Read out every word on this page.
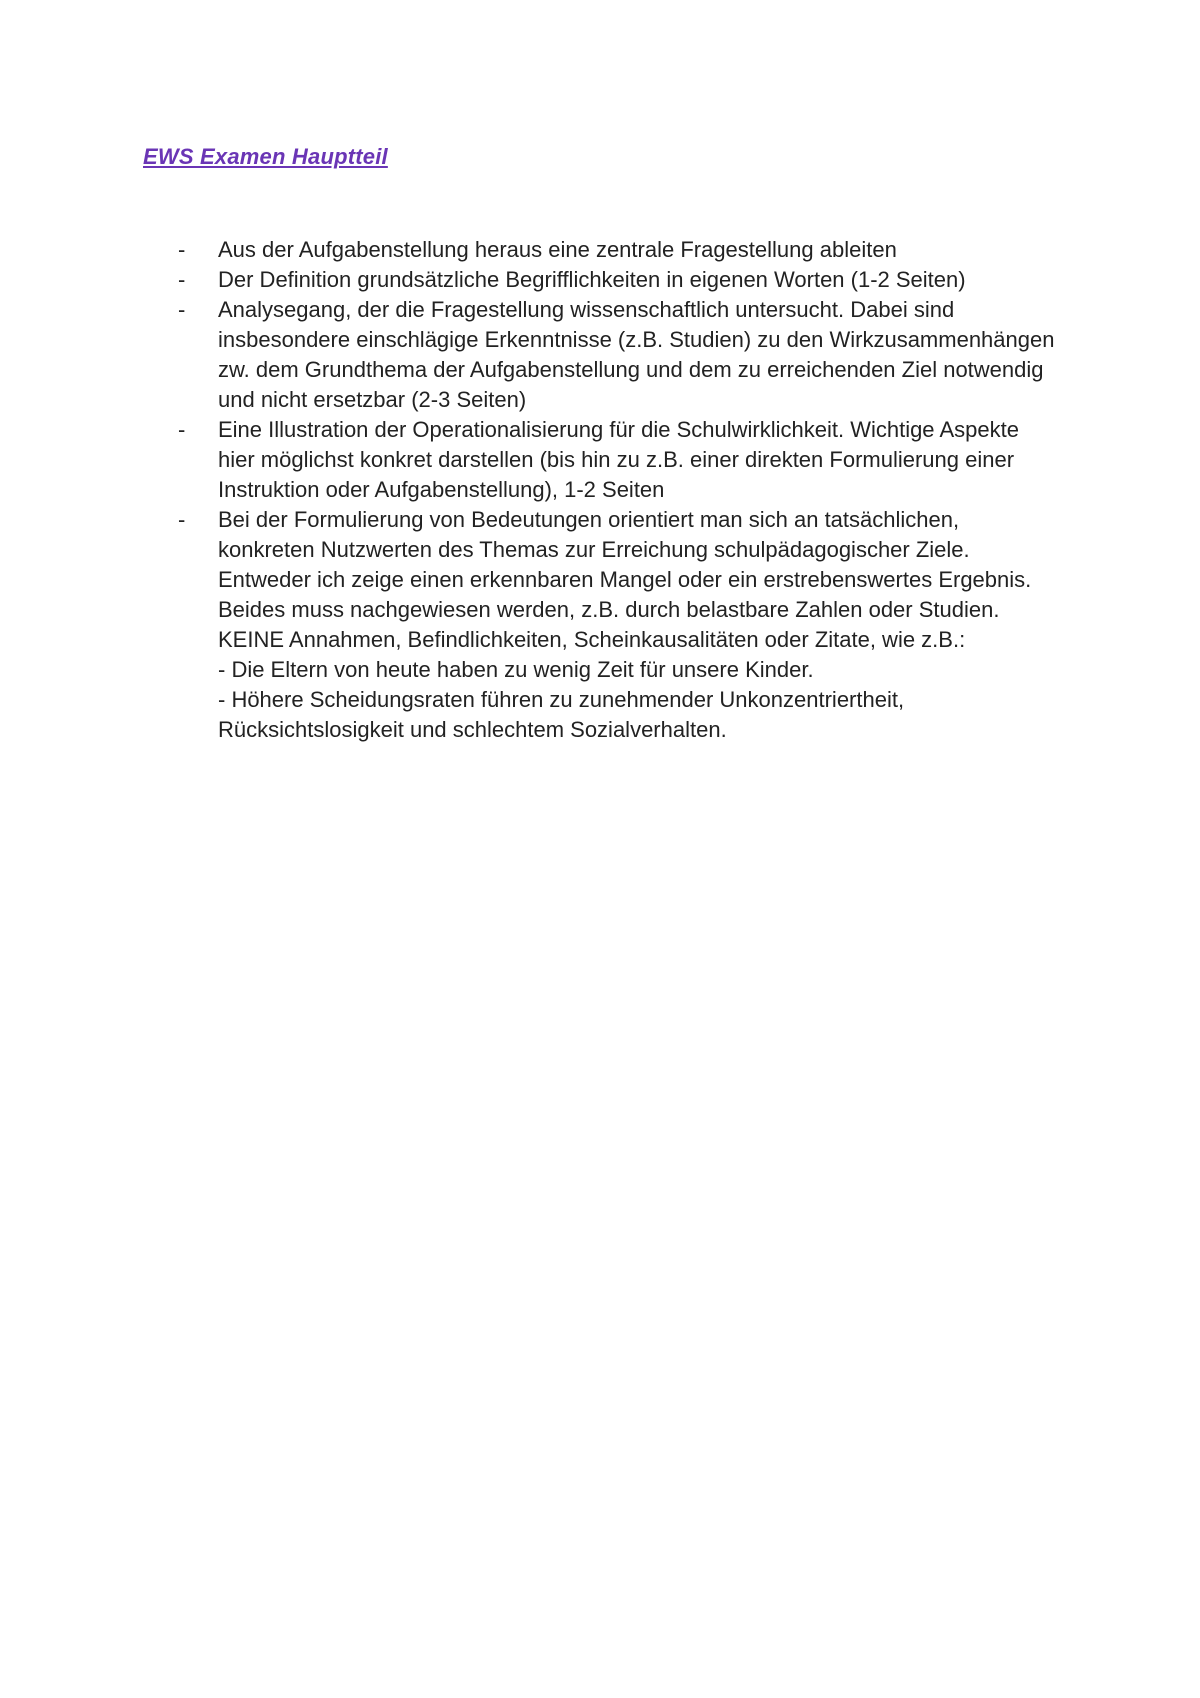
EWS Examen Hauptteil
-	Aus der Aufgabenstellung heraus eine zentrale Fragestellung ableiten
-	Der Definition grundsätzliche Begrifflichkeiten in eigenen Worten (1-2 Seiten)
-	Analysegang, der die Fragestellung wissenschaftlich untersucht. Dabei sind insbesondere einschlägige Erkenntnisse (z.B. Studien) zu den Wirkzusammenhängen zw. dem Grundthema der Aufgabenstellung und dem zu erreichenden Ziel notwendig und nicht ersetzbar (2-3 Seiten)
-	Eine Illustration der Operationalisierung für die Schulwirklichkeit. Wichtige Aspekte hier möglichst konkret darstellen (bis hin zu z.B. einer direkten Formulierung einer Instruktion oder Aufgabenstellung), 1-2 Seiten
-	Bei der Formulierung von Bedeutungen orientiert man sich an tatsächlichen, konkreten Nutzwerten des Themas zur Erreichung schulpädagogischer Ziele. Entweder ich zeige einen erkennbaren Mangel oder ein erstrebenswertes Ergebnis. Beides muss nachgewiesen werden, z.B. durch belastbare Zahlen oder Studien. KEINE Annahmen, Befindlichkeiten, Scheinkausalitäten oder Zitate, wie z.B.:
- Die Eltern von heute haben zu wenig Zeit für unsere Kinder.
- Höhere Scheidungsraten führen zu zunehmender Unkonzentriertheit, Rücksichtslosigkeit und schlechtem Sozialverhalten.
